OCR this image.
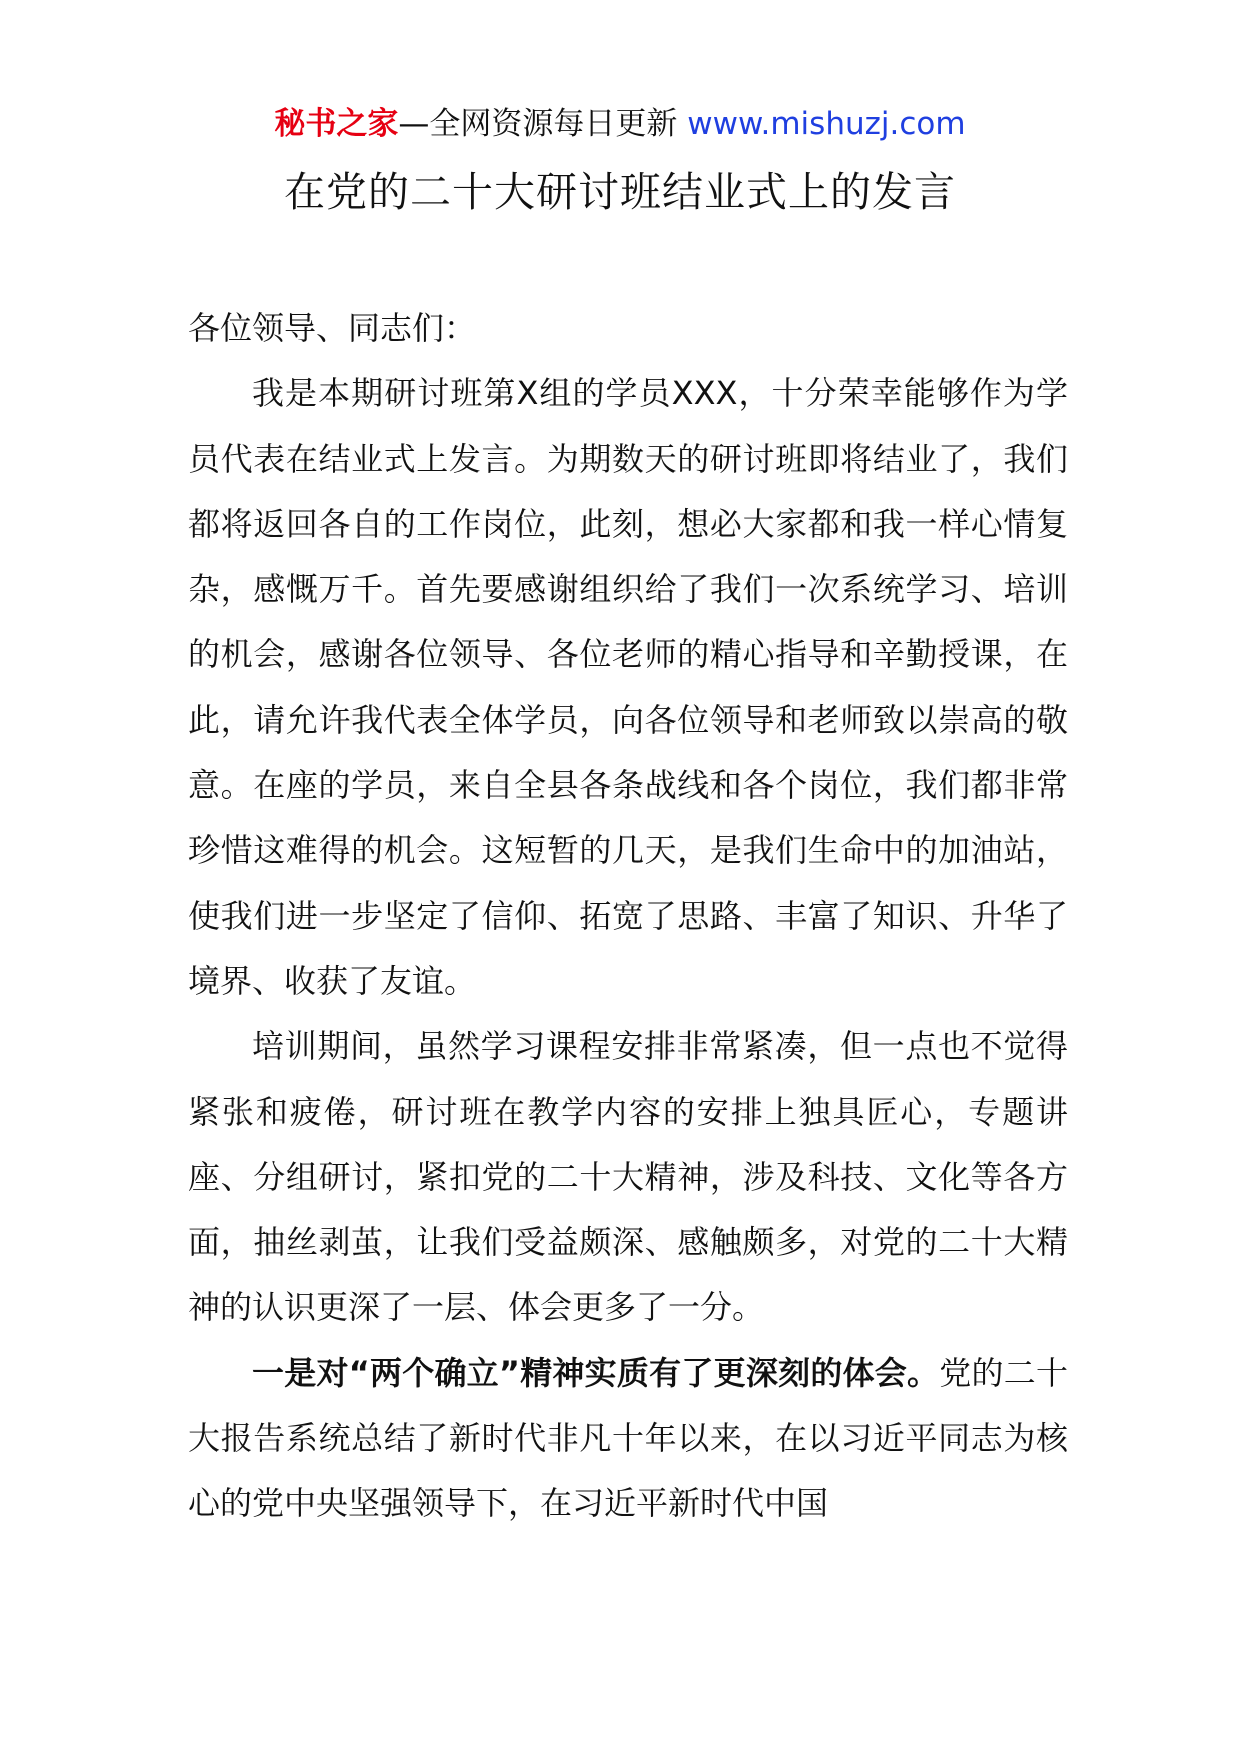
秘书之家—全网资源每日更新 www.mishuzj.com
在党的二十大研讨班结业式上的发言

各位领导、同志们：

我是本期研讨班第X组的学员XXX，十分荣幸能够作为学员代表在结业式上发言。为期数天的研讨班即将结业了，我们都将返回各自的工作岗位，此刻，想必大家都和我一样心情复杂，感慨万千。首先要感谢组织给了我们一次系统学习、培训的机会，感谢各位领导、各位老师的精心指导和辛勤授课，在此，请允许我代表全体学员，向各位领导和老师致以崇高的敬意。在座的学员，来自全县各条战线和各个岗位，我们都非常珍惜这难得的机会。这短暂的几天，是我们生命中的加油站，使我们进一步坚定了信仰、拓宽了思路、丰富了知识、升华了境界、收获了友谊。

培训期间，虽然学习课程安排非常紧凑，但一点也不觉得紧张和疲倦，研讨班在教学内容的安排上独具匠心，专题讲座、分组研讨，紧扣党的二十大精神，涉及科技、文化等各方面，抽丝剥茧，让我们受益颇深、感触颇多，对党的二十大精神的认识更深了一层、体会更多了一分。

一是对“两个确立”精神实质有了更深刻的体会。党的二十大报告系统总结了新时代非凡十年以来，在以习近平同志为核心的党中央坚强领导下，在习近平新时代中国
